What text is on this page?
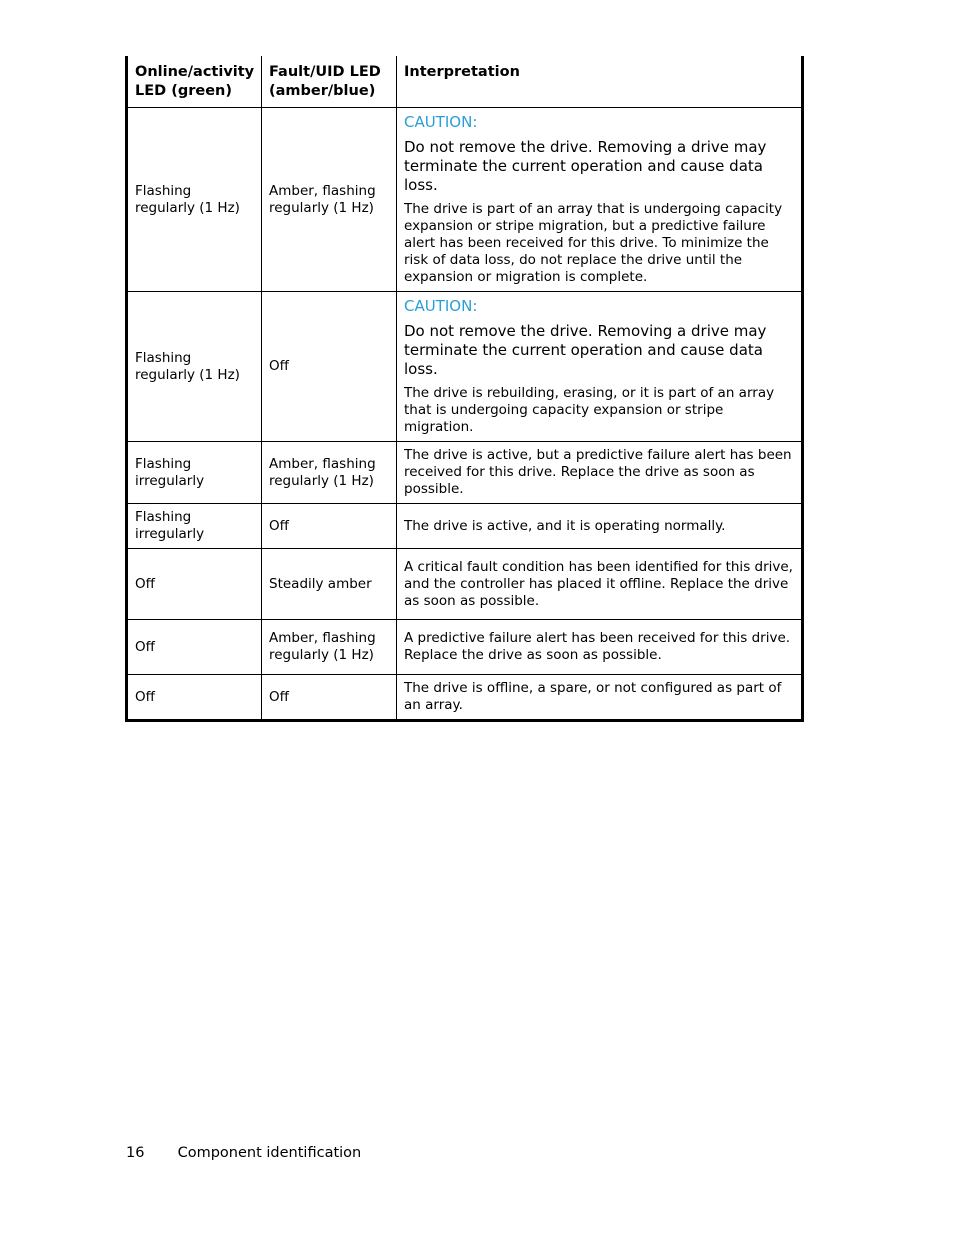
Online/activity LED (green)	Fault/UID LED (amber/blue)	Interpretation
Flashing regularly (1 Hz)	Amber, flashing regularly (1 Hz)	CAUTION:

Do not remove the drive. Removing a drive may terminate the current operation and cause data loss.

The drive is part of an array that is undergoing capacity expansion or stripe migration, but a predictive failure alert has been received for this drive. To minimize the risk of data loss, do not replace the drive until the expansion or migration is complete.

Flashing regularly (1 Hz)	Off	CAUTION:

Do not remove the drive. Removing a drive may terminate the current operation and cause data loss.

The drive is rebuilding, erasing, or it is part of an array that is undergoing capacity expansion or stripe migration.

Flashing irregularly	Amber, flashing regularly (1 Hz)	The drive is active, but a predictive failure alert has been received for this drive. Replace the drive as soon as possible.
Flashing irregularly	Off	The drive is active, and it is operating normally.
Off	Steadily amber	A critical fault condition has been identified for this drive, and the controller has placed it offline. Replace the drive as soon as possible.
Off	Amber, flashing regularly (1 Hz)	A predictive failure alert has been received for this drive. Replace the drive as soon as possible.
Off	Off	The drive is offline, a spare, or not configured as part of an array.
16 Component identification
